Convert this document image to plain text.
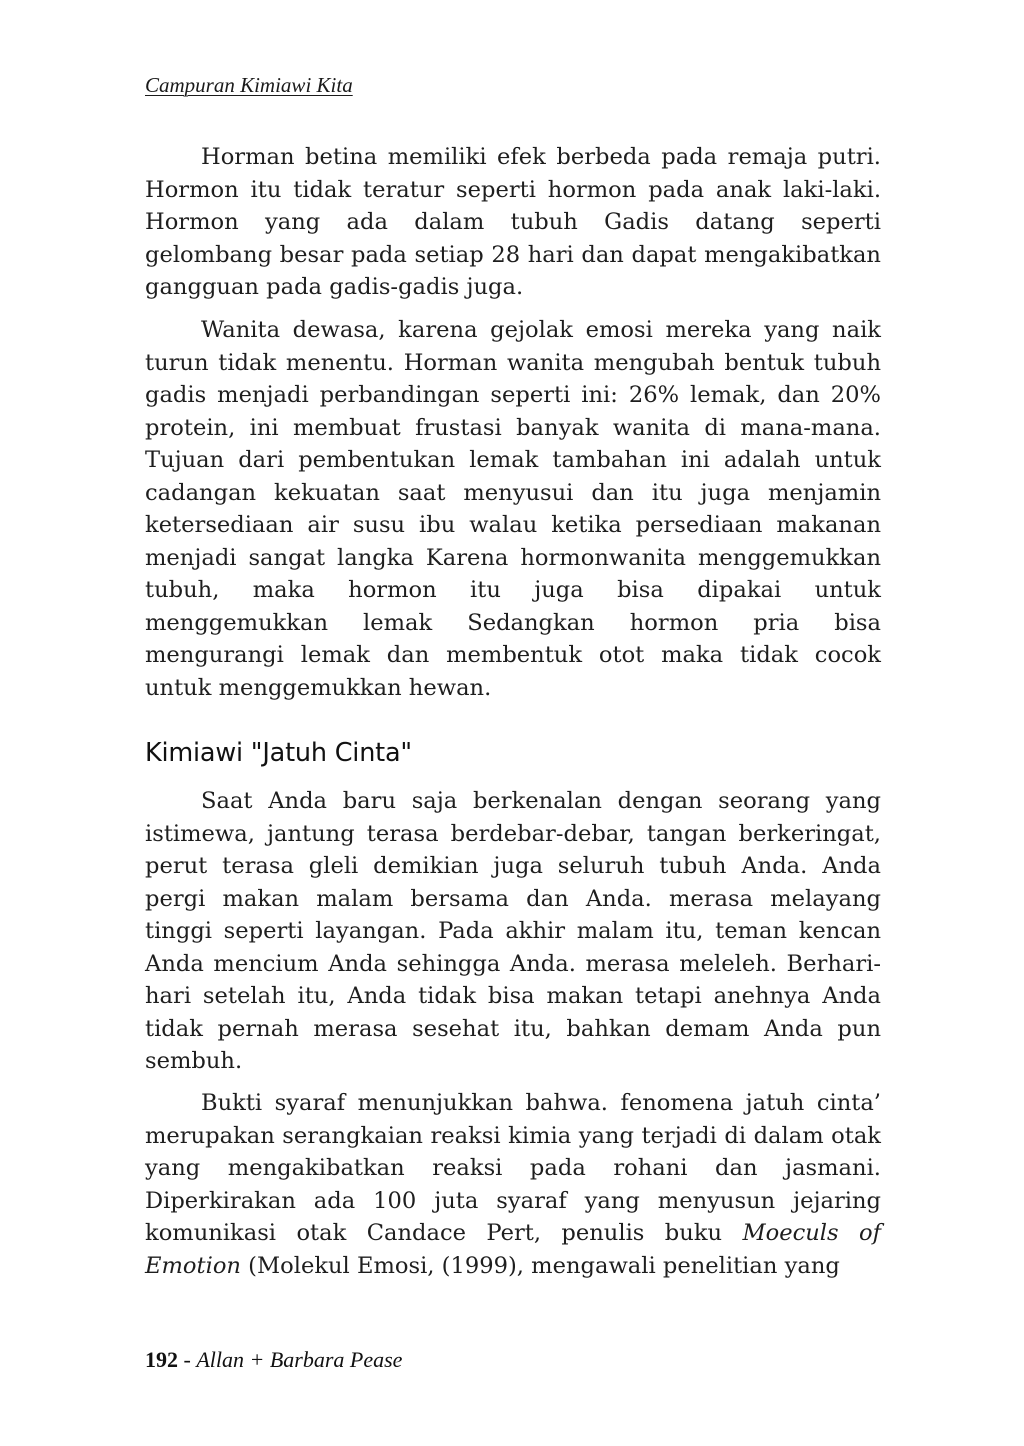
Campuran Kimiawi Kita

Horman betina memiliki efek berbeda pada remaja putri. Hormon itu tidak teratur seperti hormon pada anak laki-laki. Hormon yang ada dalam tubuh Gadis datang seperti gelombang besar pada setiap 28 hari dan dapat mengakibatkan gangguan pada gadis-gadis juga.

Wanita dewasa, karena gejolak emosi mereka yang naik turun tidak menentu. Horman wanita mengubah bentuk tubuh gadis menjadi perbandingan seperti ini: 26% lemak, dan 20% protein, ini membuat frustasi banyak wanita di mana-mana. Tujuan dari pembentukan lemak tambahan ini adalah untuk cadangan kekuatan saat menyusui dan itu juga menjamin ketersediaan air susu ibu walau ketika persediaan makanan menjadi sangat langka Karena hormonwanita menggemukkan tubuh, maka hormon itu juga bisa dipakai untuk menggemukkan lemak Sedangkan hormon pria bisa mengurangi lemak dan membentuk otot maka tidak cocok untuk menggemukkan hewan.

Kimiawi "Jatuh Cinta"

Saat Anda baru saja berkenalan dengan seorang yang istimewa, jantung terasa berdebar-debar, tangan berkeringat, perut terasa gleli demikian juga seluruh tubuh Anda. Anda pergi makan malam bersama dan Anda. merasa melayang tinggi seperti layangan. Pada akhir malam itu, teman kencan Anda mencium Anda sehingga Anda. merasa meleleh. Berhari-hari setelah itu, Anda tidak bisa makan tetapi anehnya Anda tidak pernah merasa sesehat itu, bahkan demam Anda pun sembuh.

Bukti syaraf menunjukkan bahwa. fenomena jatuh cinta’ merupakan serangkaian reaksi kimia yang terjadi di dalam otak yang mengakibatkan reaksi pada rohani dan jasmani. Diperkirakan ada 100 juta syaraf yang menyusun jejaring komunikasi otak Candace Pert, penulis buku Moeculs of Emotion (Molekul Emosi, (1999), mengawali penelitian yang

192 - Allan + Barbara Pease
